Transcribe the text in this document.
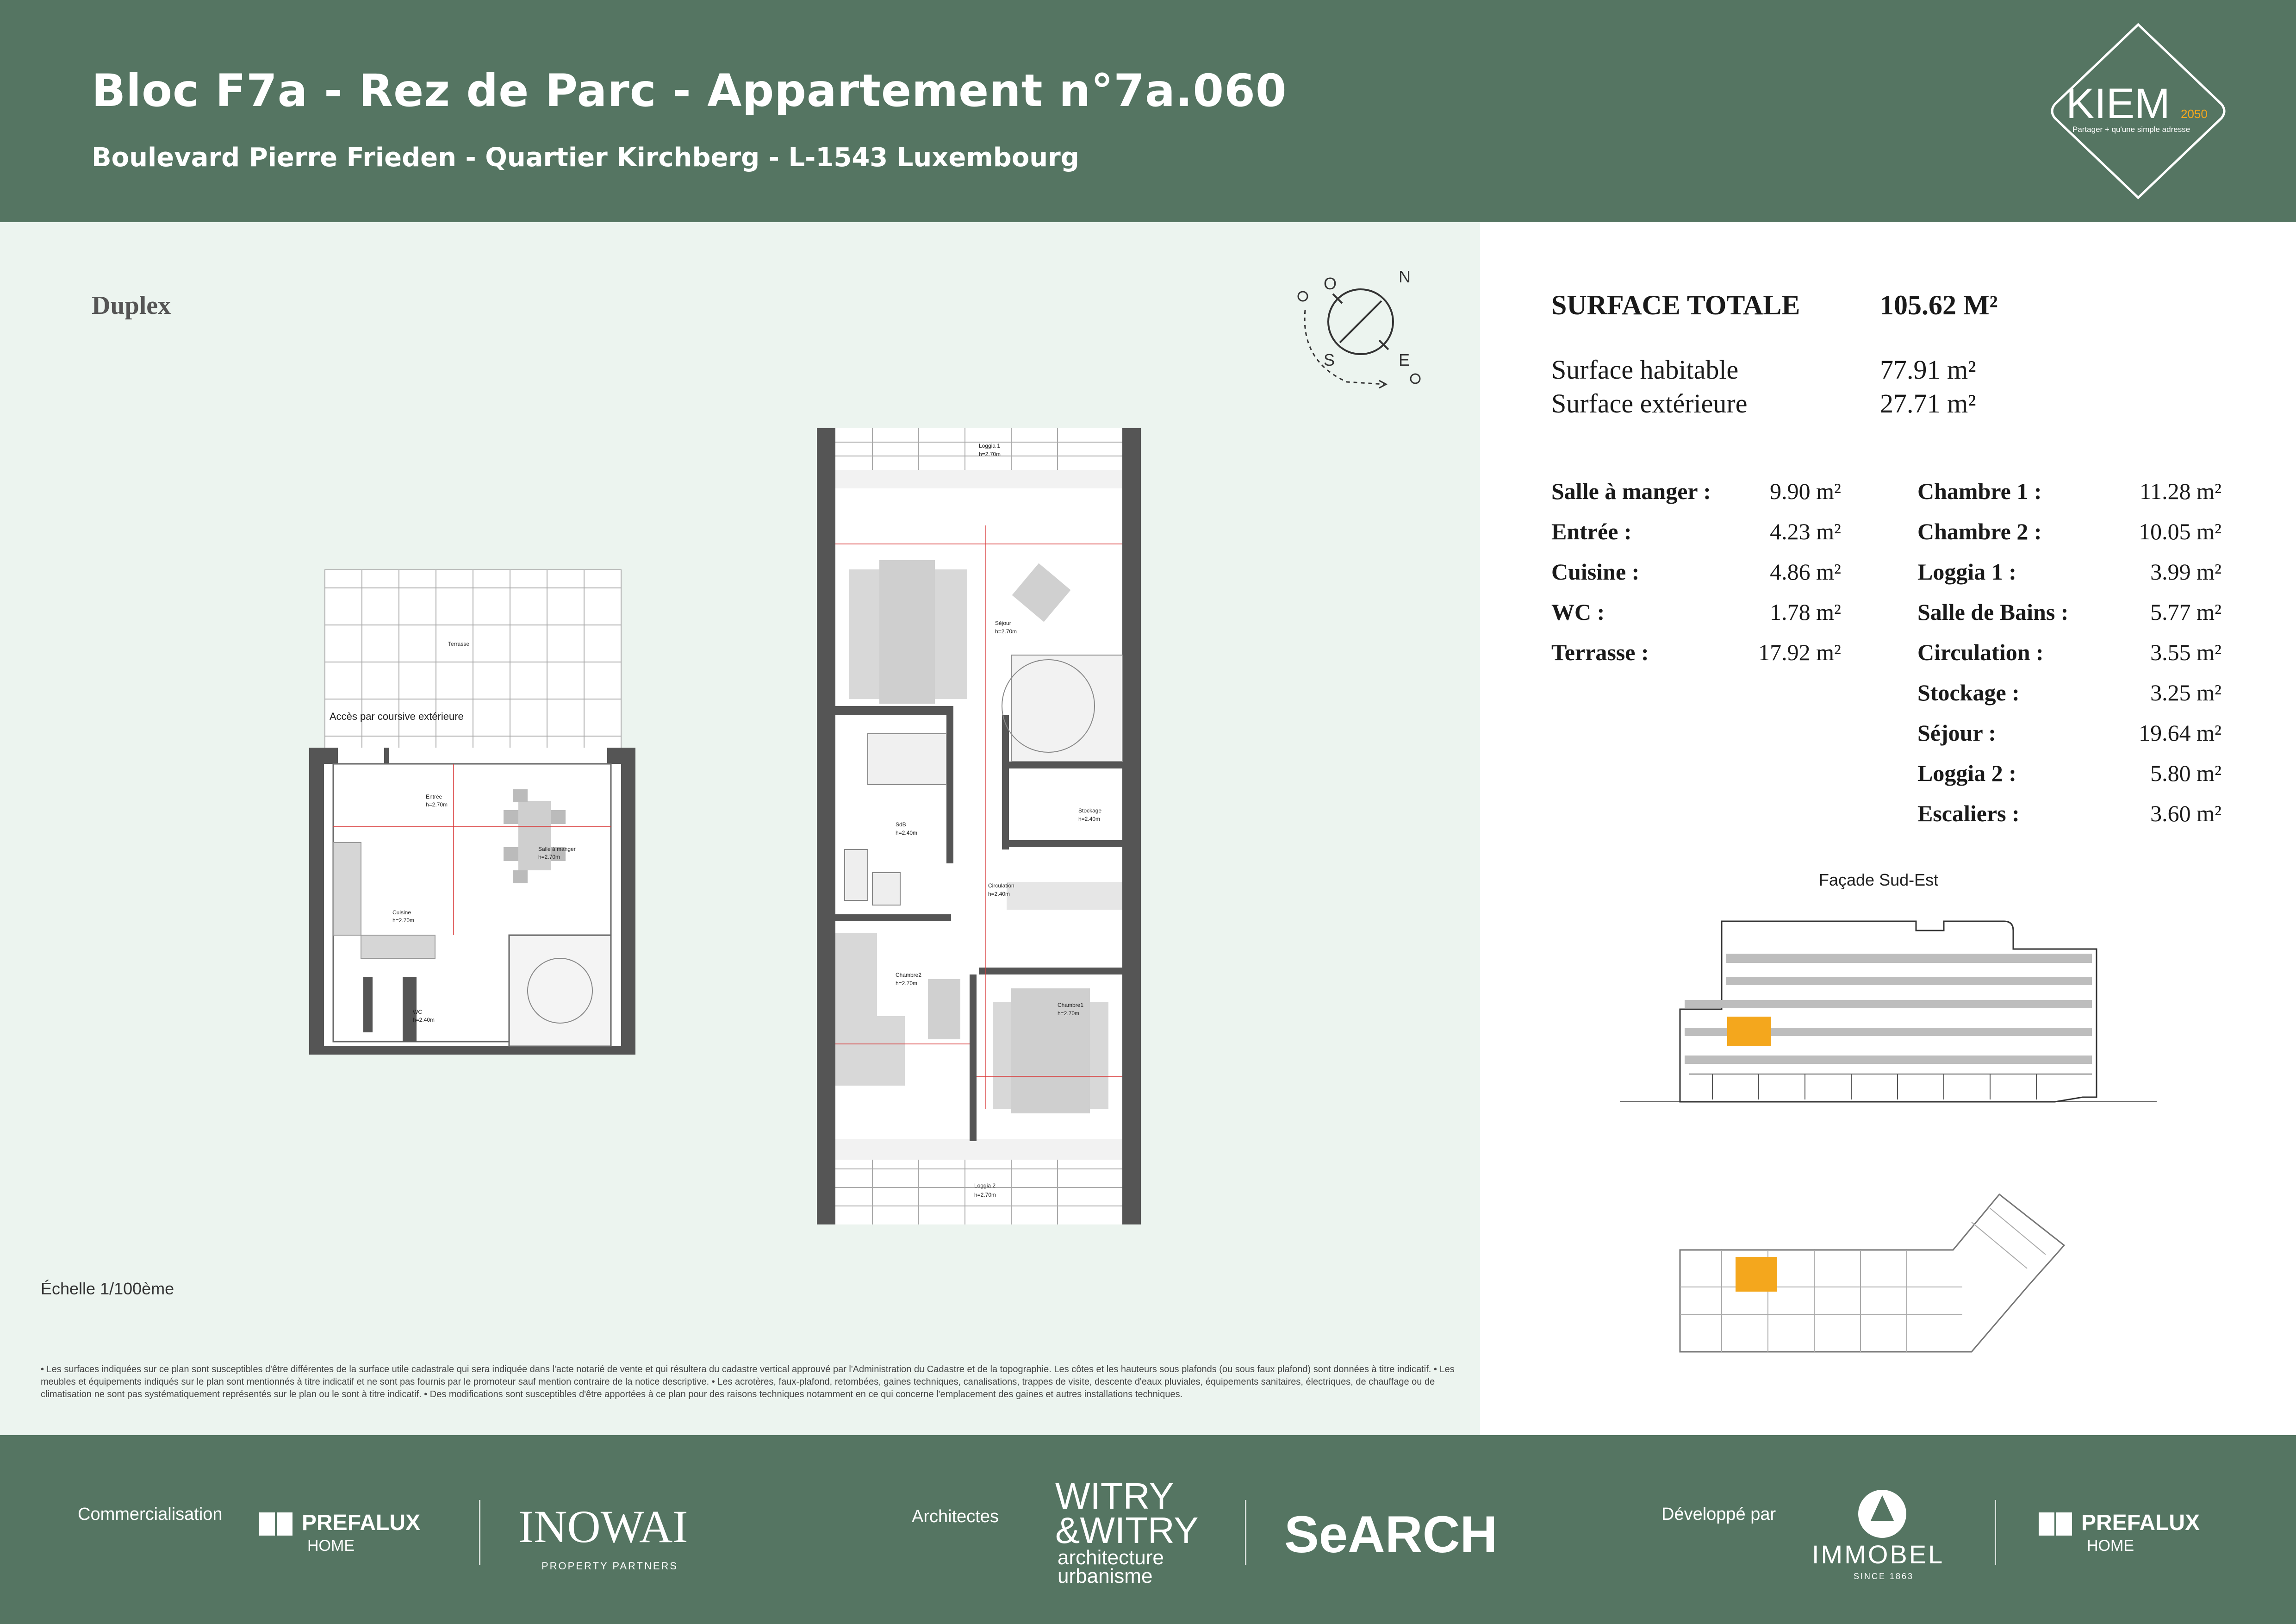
Bloc F7a - Rez de Parc - Appartement n°7a.060
Boulevard Pierre Frieden - Quartier Kirchberg - L-1543 Luxembourg
KIEM 2050
Partager + qu'une simple adresse
Duplex
O	N
S	E
Terrasse
Accès par coursive extérieure
Entrée
h=2.70m
Salle à manger
h=2.70m
Cuisine
h=2.70m
WC
h=2.40m
Loggia 1
h=2.70m
Séjour
h=2.70m
SdB
h=2.40m
Stockage
h=2.40m
Circulation
h=2.40m
Chambre2
h=2.70m
Chambre1
h=2.70m
Loggia 2
h=2.70m
Échelle 1/100ème
• Les surfaces indiquées sur ce plan sont susceptibles d'être différentes de la surface utile cadastrale qui sera indiquée dans l'acte notarié de vente et qui résultera du cadastre vertical approuvé par l'Administration du Cadastre et de la topographie. Les côtes et les hauteurs sous plafonds (ou sous faux plafond) sont données à titre indicatif. • Les meubles et équipements indiqués sur le plan sont mentionnés à titre indicatif et ne sont pas fournis par le promoteur sauf mention contraire de la notice descriptive. • Les acrotères, faux-plafond, retombées, gaines techniques, canalisations, trappes de visite, descente d'eaux pluviales, équipements sanitaires, électriques, de chauffage ou de climatisation ne sont pas systématiquement représentés sur le plan ou le sont à titre indicatif. • Des modifications sont susceptibles d'être apportées à ce plan pour des raisons techniques notamment en ce qui concerne l'emplacement des gaines et autres installations techniques.
SURFACE TOTALE	105.62 M²
Surface habitable	77.91 m²
Surface extérieure	27.71 m²
Salle à manger :	9.90 m²
Entrée :	4.23 m²
Cuisine :	4.86 m²
WC :	1.78 m²
Terrasse :	17.92 m²
Chambre 1 :	11.28 m²
Chambre 2 :	10.05 m²
Loggia 1 :	3.99 m²
Salle de Bains :	5.77 m²
Circulation :	3.55 m²
Stockage :	3.25 m²
Séjour :	19.64 m²
Loggia 2 :	5.80 m²
Escaliers :	3.60 m²
Façade Sud-Est
Commercialisation	PREFALUX
HOME	INOWAI
PROPERTY PARTNERS
Architectes WITRY
&WITRY
architecture
urbanisme
SeARCH	Développé par
IMMOBEL
SINCE 1863
PREFALUX
HOME
